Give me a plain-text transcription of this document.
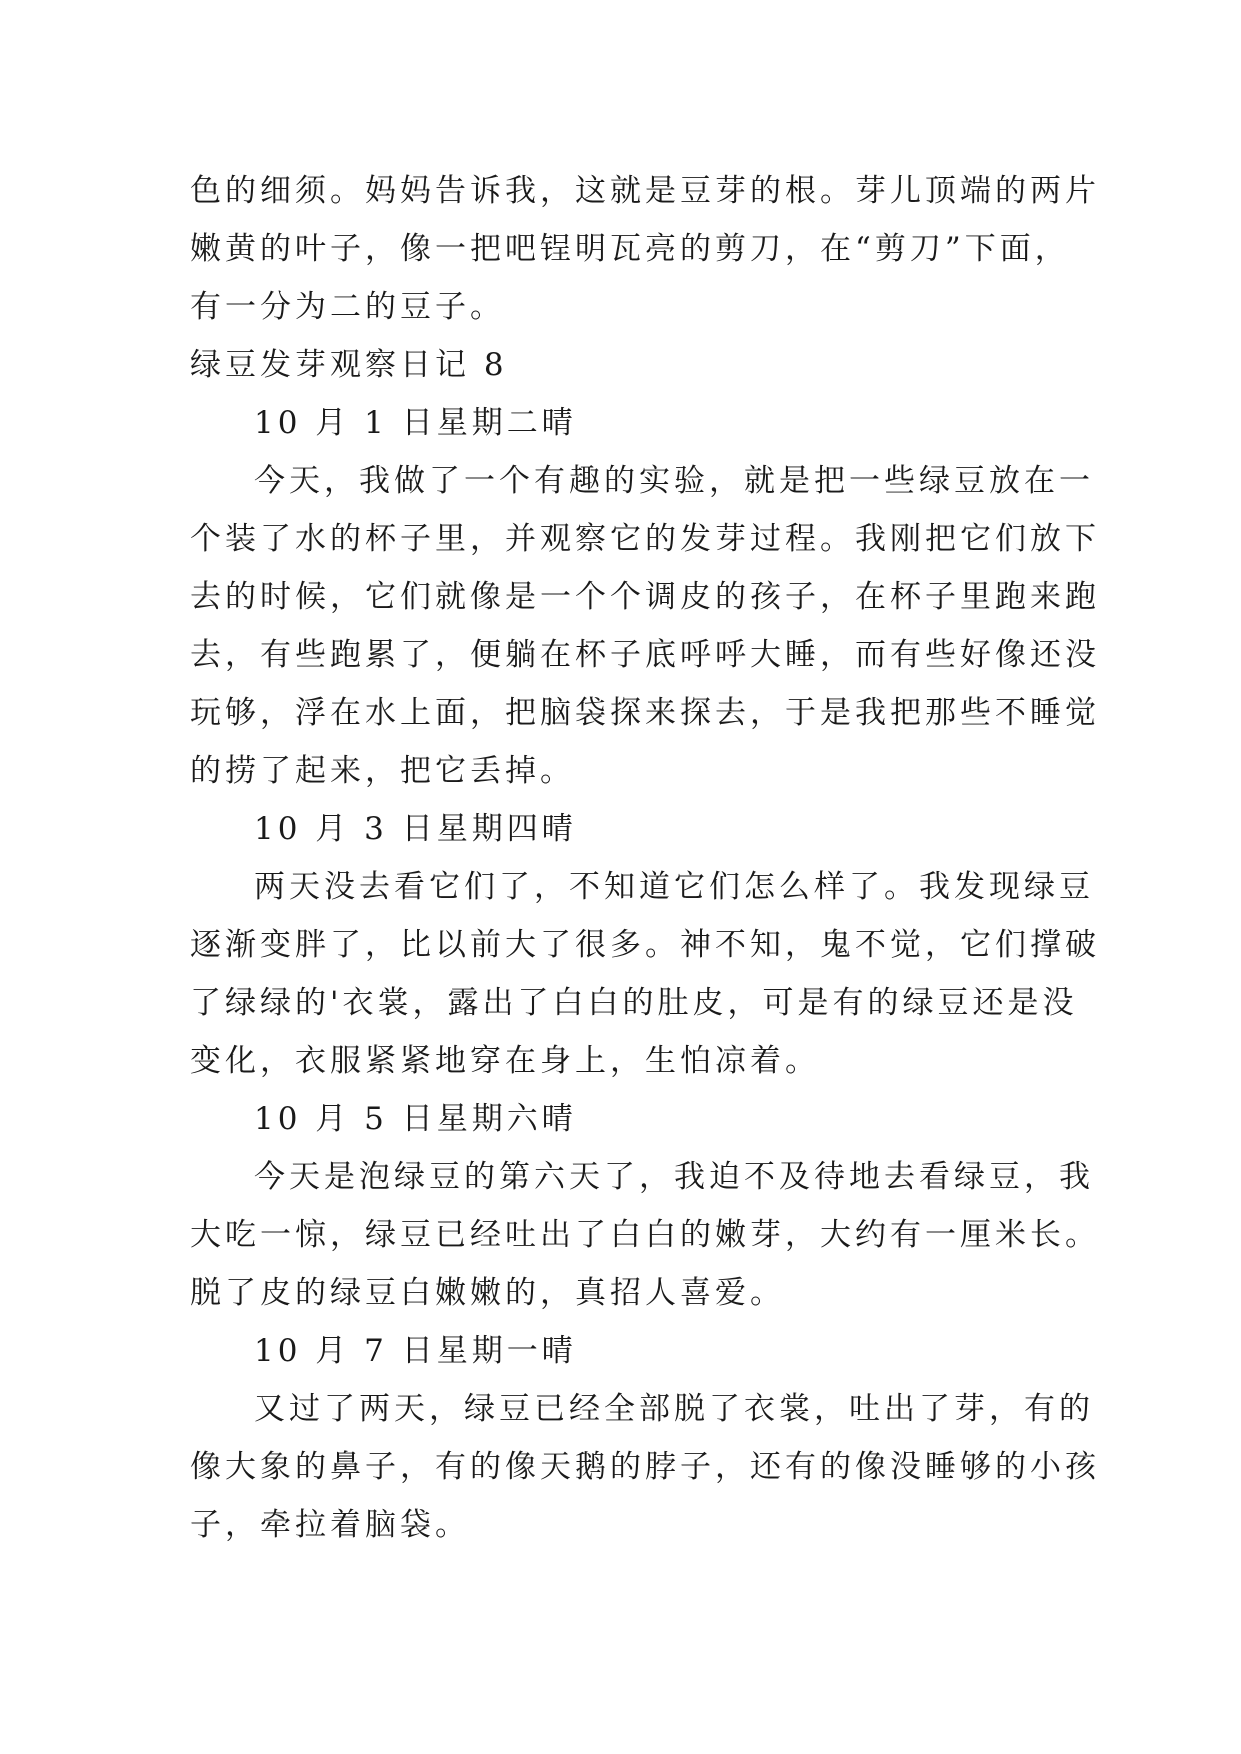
色的细须。妈妈告诉我，这就是豆芽的根。芽儿顶端的两片
嫩黄的叶子，像一把吧锃明瓦亮的剪刀，在“剪刀”下面，
有一分为二的豆子。
绿豆发芽观察日记 8
10 月 1 日星期二晴
今天，我做了一个有趣的实验，就是把一些绿豆放在一
个装了水的杯子里，并观察它的发芽过程。我刚把它们放下
去的时候，它们就像是一个个调皮的孩子，在杯子里跑来跑
去，有些跑累了，便躺在杯子底呼呼大睡，而有些好像还没
玩够，浮在水上面，把脑袋探来探去，于是我把那些不睡觉
的捞了起来，把它丢掉。
10 月 3 日星期四晴
两天没去看它们了，不知道它们怎么样了。我发现绿豆
逐渐变胖了，比以前大了很多。神不知，鬼不觉，它们撑破
了绿绿的'衣裳，露出了白白的肚皮，可是有的绿豆还是没
变化，衣服紧紧地穿在身上，生怕凉着。
10 月 5 日星期六晴
今天是泡绿豆的第六天了，我迫不及待地去看绿豆，我
大吃一惊，绿豆已经吐出了白白的嫩芽，大约有一厘米长。
脱了皮的绿豆白嫩嫩的，真招人喜爱。
10 月 7 日星期一晴
又过了两天，绿豆已经全部脱了衣裳，吐出了芽，有的
像大象的鼻子，有的像天鹅的脖子，还有的像没睡够的小孩
子，牵拉着脑袋。
